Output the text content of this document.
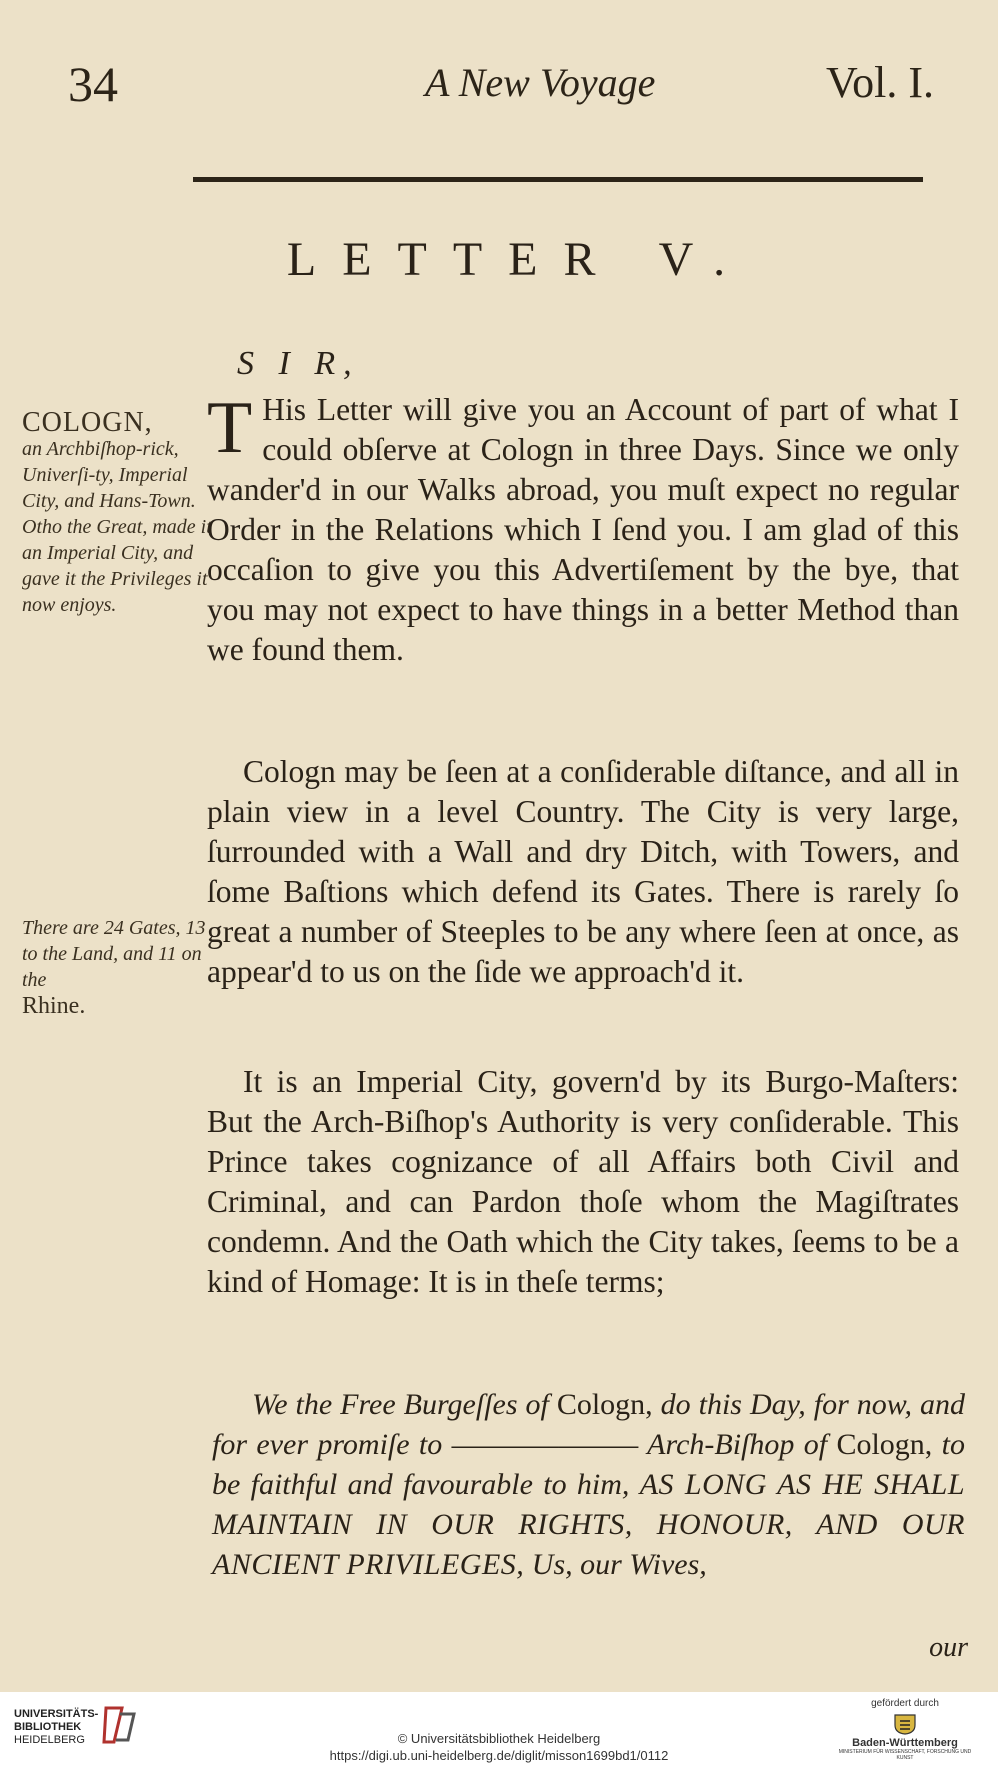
34	A New Voyage	Vol. I.
LETTER V.
S I R,
COLOGN,
an Archbiſhop-rick, Univerſi-ty, Imperial City, and Hans-Town. Otho the Great, made it an Imperial City, and gave it the Privileges it now enjoys.
There are 24 Gates, 13 to the Land, and 11 on the
Rhine.
T His Letter will give you an Account of part of what I could obſerve at Cologn in three Days. Since we only wander'd in our Walks abroad, you muſt expect no regular Order in the Relations which I ſend you. I am glad of this occaſion to give you this Advertiſement by the bye, that you may not expect to have things in a better Method than we found them.
Cologn may be ſeen at a conſiderable diſtance, and all in plain view in a level Country. The City is very large, ſurrounded with a Wall and dry Ditch, with Towers, and ſome Baſtions which defend its Gates. There is rarely ſo great a number of Steeples to be any where ſeen at once, as appear'd to us on the ſide we approach'd it.
It is an Imperial City, govern'd by its Burgo-Maſters: But the Arch-Biſhop's Authority is very conſiderable. This Prince takes cognizance of all Affairs both Civil and Criminal, and can Pardon thoſe whom the Magiſtrates condemn. And the Oath which the City takes, ſeems to be a kind of Homage: It is in theſe terms;
We the Free Burgeſſes of Cologn, do this Day, for now, and for ever promiſe to ——————— Arch-Biſhop of Cologn, to be faithful and favourable to him, AS LONG AS HE SHALL MAINTAIN IN OUR RIGHTS, HONOUR, AND OUR ANCIENT PRIVILEGES, Us, our Wives,
our
UNIVERSITÄTS-
BIBLIOTHEK
HEIDELBERG	© Universitätsbibliothek Heidelberg
https://digi.ub.uni-heidelberg.de/diglit/misson1699bd1/0112
gefördert durch
Baden-Württemberg
MINISTERIUM FÜR WISSENSCHAFT, FORSCHUNG UND KUNST
